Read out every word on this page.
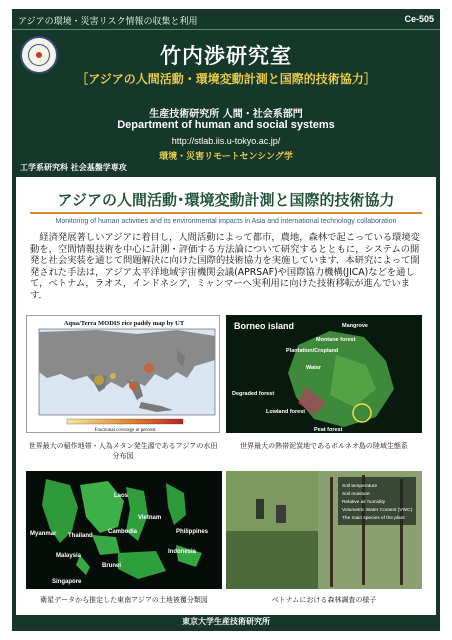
アジアの環境・災害リスク情報の収集と利用	Ce-505
竹内渉研究室
［アジアの人間活動・環境変動計測と国際的技術協力］
生産技術研究所 人間・社会系部門
Department of human and social systems
http://stlab.iis.u-tokyo.ac.jp/
環境・災害リモートセンシング学
工学系研究科 社会基盤学専攻
アジアの人間活動･環境変動計測と国際的技術協力
Monitoring of human activities and its environmental impacts in Asia and international technology collaboration
　経済発展著しいアジアに着目し，人間活動によって都市，農地，森林で起こっている環境変動を，空間情報技術を中心に計測・評価する方法論について研究するとともに，システムの開発と社会実装を通じて問題解決に向けた国際的技術協力を実施しています．本研究によって開発された手法は，アジア太平洋地域宇宙機関会議(APRSAF)や国際協力機構(JICA)などを通して，ベトナム，ラオス，インドネシア，ミャンマーへ実利用に向けた技術移転が進んでいます．
Aqua/Terra MODIS rice paddy map by UT
Fractional coverage in percent
世界最大の稲作地帯・人為メタン発生源であるアジアの水田分布図
Borneo island	Mangrove
Montane forest
Plantation/Cropland
Water
Degraded forest
Lowland forest
Peat forest
世界最大の熱帯泥炭地であるボルネオ島の陸域生態系
Laos
Vietnam
Myanmar Thailand
Cambodia	Philippines
Malaysia
Brunei
Indonesia
Singapore
衛星データから推定した東南アジアの土地被覆分類図
Soil temperature
Soil moisture
Relative air humidity
Volumetric Water Content (VWC)
The main species of the plant
ベトナムにおける森林調査の様子
東京大学生産技術研究所
